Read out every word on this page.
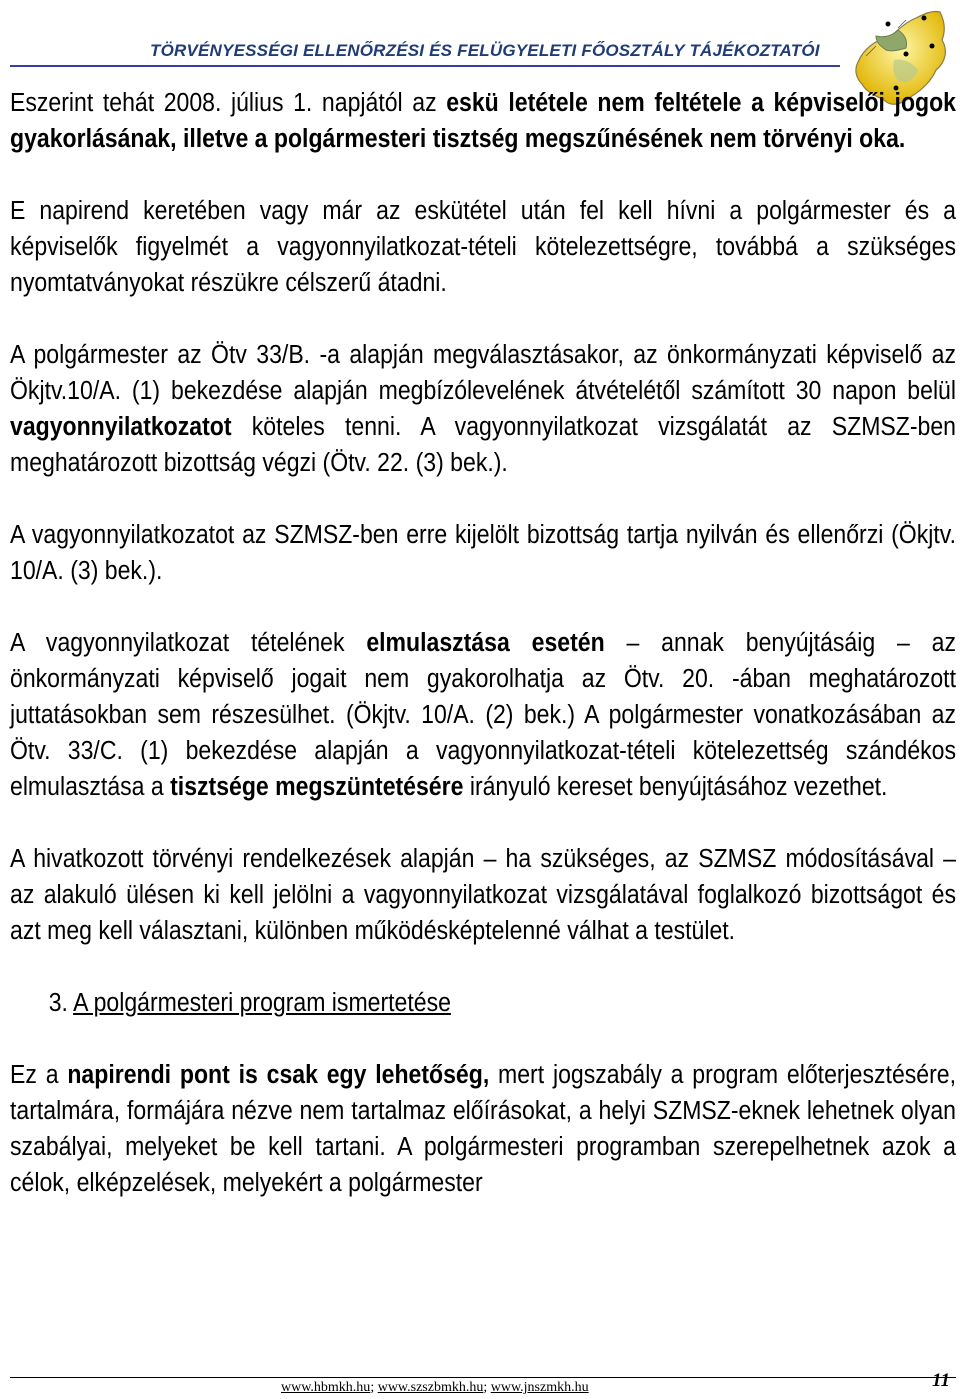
TÖRVÉNYESSÉGI ELLENŐRZÉSI ÉS FELÜGYELETI FŐOSZTÁLY TÁJÉKOZTATÓI

Eszerint tehát 2008. július 1. napjától az eskü letétele nem feltétele a képviselői jogok gyakorlásának, illetve a polgármesteri tisztség megszűnésének nem törvényi oka.

E napirend keretében vagy már az eskütétel után fel kell hívni a polgármester és a képviselők figyelmét a vagyonnyilatkozat-tételi kötelezettségre, továbbá a szükséges nyomtatványokat részükre célszerű átadni.

A polgármester az Ötv 33/B. -a alapján megválasztásakor, az önkormányzati képviselő az Ökjtv.10/A. (1) bekezdése alapján megbízólevelének átvételétől számított 30 napon belül vagyonnyilatkozatot köteles tenni. A vagyonnyilatkozat vizsgálatát az SZMSZ-ben meghatározott bizottság végzi (Ötv. 22. (3) bek.).

A vagyonnyilatkozatot az SZMSZ-ben erre kijelölt bizottság tartja nyilván és ellenőrzi (Ökjtv. 10/A. (3) bek.).

A vagyonnyilatkozat tételének elmulasztása esetén – annak benyújtásáig – az önkormányzati képviselő jogait nem gyakorolhatja az Ötv. 20. -ában meghatározott juttatásokban sem részesülhet. (Ökjtv. 10/A. (2) bek.) A polgármester vonatkozásában az Ötv. 33/C. (1) bekezdése alapján a vagyonnyilatkozat-tételi kötelezettség szándékos elmulasztása a tisztsége megszüntetésére irányuló kereset benyújtásához vezethet.

A hivatkozott törvényi rendelkezések alapján – ha szükséges, az SZMSZ módosításával – az alakuló ülésen ki kell jelölni a vagyonnyilatkozat vizsgálatával foglalkozó bizottságot és azt meg kell választani, különben működésképtelenné válhat a testület.

3. A polgármesteri program ismertetése

Ez a napirendi pont is csak egy lehetőség, mert jogszabály a program előterjesztésére, tartalmára, formájára nézve nem tartalmaz előírásokat, a helyi SZMSZ-eknek lehetnek olyan szabályai, melyeket be kell tartani. A polgármesteri programban szerepelhetnek azok a célok, elképzelések, melyekért a polgármester

www.hbmkh.hu; www.szszbmkh.hu; www.jnszmkh.hu	11
